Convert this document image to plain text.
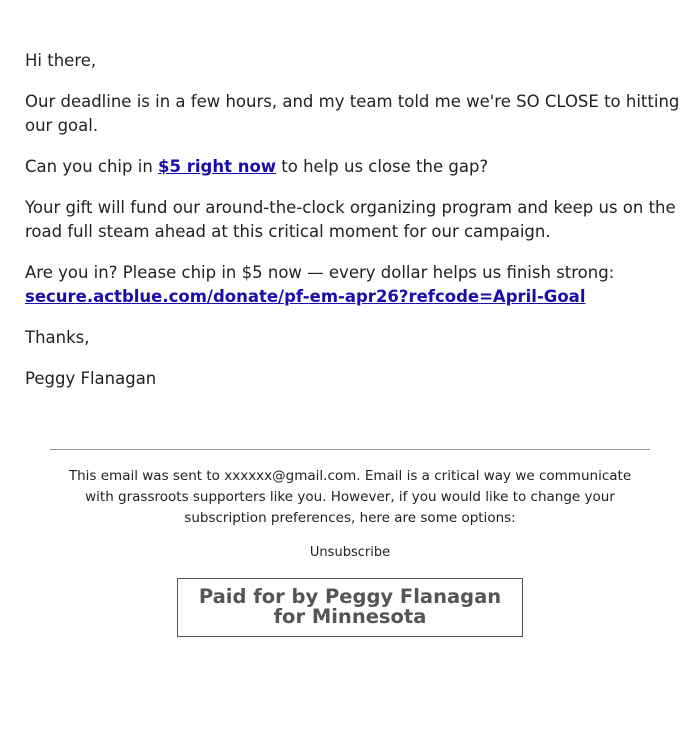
Hi there,

Our deadline is in a few hours, and my team told me we're SO CLOSE to hitting our goal.

Can you chip in $5 right now to help us close the gap?

Your gift will fund our around-the-clock organizing program and keep us on the road full steam ahead at this critical moment for our campaign.

Are you in? Please chip in $5 now — every dollar helps us finish strong:
secure.actblue.com/donate/pf-em-apr26?refcode=April-Goal

Thanks,

Peggy Flanagan

This email was sent to xxxxxx@gmail.com. Email is a critical way we communicate with grassroots supporters like you. However, if you would like to change your subscription preferences, here are some options:
Unsubscribe
Paid for by Peggy Flanagan for Minnesota
